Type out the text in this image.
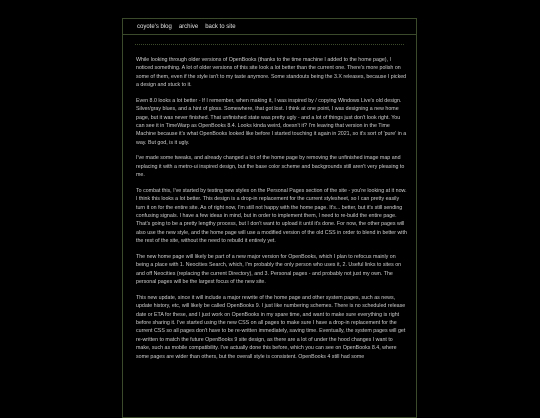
coyote's blog archive back to site

While looking through older versions of OpenBooks (thanks to the time machine I added to the home page), I noticed something. A lot of older versions of this site look a lot better than the current one. There's more polish on some of them, even if the style isn't to my taste anymore. Some standouts being the 3.X releases, because I picked a design and stuck to it.

Even 8.0 looks a lot better - If I remember, when making it, I was inspired by / copying Windows Live's old design. Silver/gray blues, and a hint of gloss. Somewhere, that got lost. I think at one point, I was designing a new home page, but it was never finished. That unfinished state was pretty ugly - and a lot of things just don't look right. You can see it in TimeWarp as OpenBooks 8.4. Looks kinda weird, doesn't it? I'm leaving that version in the Time Machine because it's what OpenBooks looked like before I started touching it again in 2021, so it's sort of 'pure' in a way. But god, is it ugly.

I've made some tweaks, and already changed a lot of the home page by removing the unfinished image map and replacing it with a metro-ui inspired design, but the base color scheme and backgrounds still aren't very pleasing to me.

To combat this, I've started by testing new styles on the Personal Pages section of the site - you're looking at it now. I think this looks a lot better. This design is a drop-in replacement for the current stylesheet, so I can pretty easily turn it on for the entire site. As of right now, I'm still not happy with the home page. It's... better, but it's still sending confusing signals. I have a few ideas in mind, but in order to implement them, I need to re-build the entire page. That's going to be a pretty lengthy process, but I don't want to upload it until it's done. For now, the other pages will also use the new style, and the home page will use a modified version of the old CSS in order to blend in better with the rest of the site, without the need to rebuild it entirely yet.

The new home page will likely be part of a new major version for OpenBooks, which I plan to refocus mainly on being a place with 1. Neocities Search, which, I'm probably the only person who uses it, 2. Useful links to sites on and off Neocities (replacing the current Directory), and 3. Personal pages - and probably not just my own. The personal pages will be the largest focus of the new site.

This new update, since it will include a major rewrite of the home page and other system pages, such as news, update history, etc, will likely be called OpenBooks 9. I just like numbering schemes. There is no scheduled release date or ETA for these, and I just work on OpenBooks in my spare time, and want to make sure everything is right before sharing it. I've started using the new CSS on all pages to make sure I have a drop-in replacement for the current CSS so all pages don't have to be re-written immediately, saving time. Eventually, the system pages will get re-written to match the future OpenBooks 9 site design, as there are a lot of under the hood changes I want to make, such as mobile compatibility. I've actually done this before, which you can see on OpenBooks 8.4, where some pages are wider than others, but the overall style is consistent. OpenBooks 4 still had some
